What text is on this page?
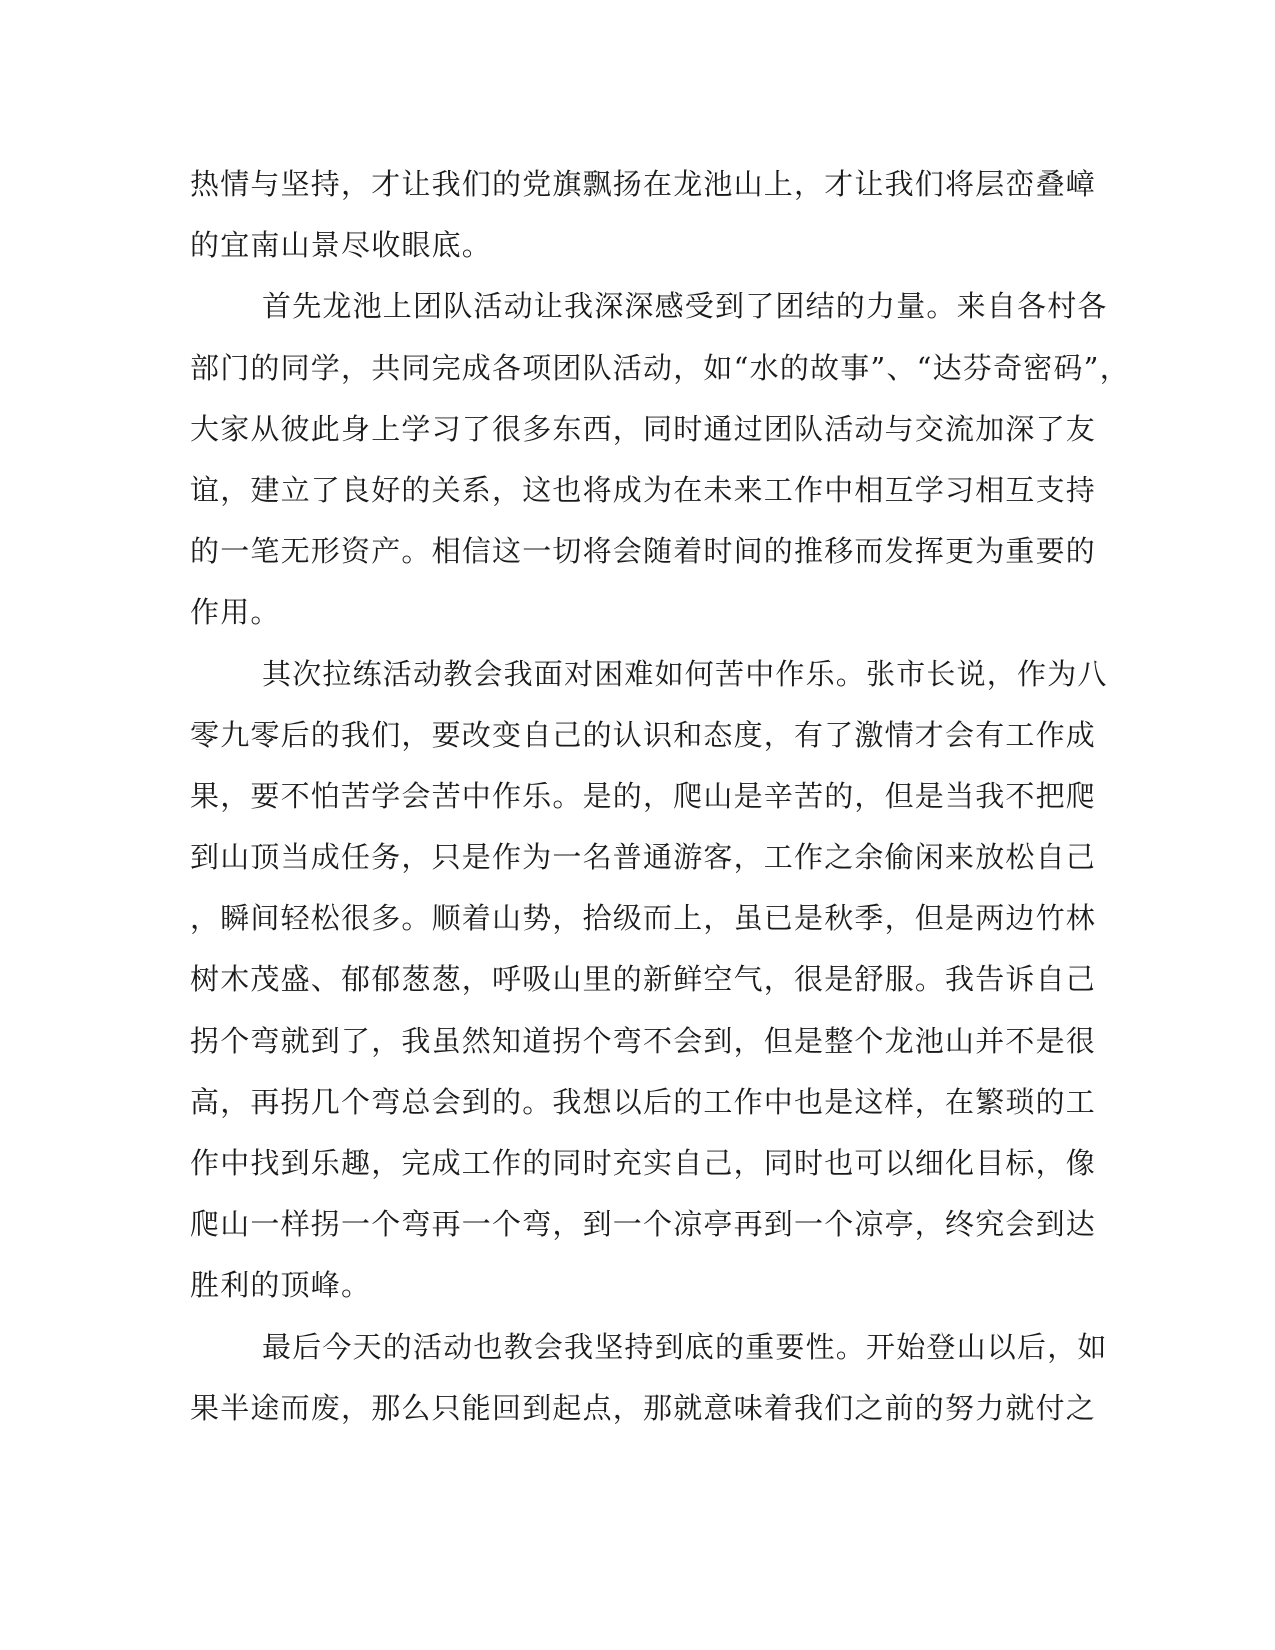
热情与坚持，才让我们的党旗飘扬在龙池山上，才让我们将层峦叠嶂
的宜南山景尽收眼底。
首先龙池上团队活动让我深深感受到了团结的力量。来自各村各
部门的同学，共同完成各项团队活动，如“水的故事”、“达芬奇密码”，
大家从彼此身上学习了很多东西，同时通过团队活动与交流加深了友
谊，建立了良好的关系，这也将成为在未来工作中相互学习相互支持
的一笔无形资产。相信这一切将会随着时间的推移而发挥更为重要的
作用。
其次拉练活动教会我面对困难如何苦中作乐。张市长说，作为八
零九零后的我们，要改变自己的认识和态度，有了激情才会有工作成
果，要不怕苦学会苦中作乐。是的，爬山是辛苦的，但是当我不把爬
到山顶当成任务，只是作为一名普通游客，工作之余偷闲来放松自己
，瞬间轻松很多。顺着山势，拾级而上，虽已是秋季，但是两边竹林
树木茂盛、郁郁葱葱，呼吸山里的新鲜空气，很是舒服。我告诉自己
拐个弯就到了，我虽然知道拐个弯不会到，但是整个龙池山并不是很
高，再拐几个弯总会到的。我想以后的工作中也是这样，在繁琐的工
作中找到乐趣，完成工作的同时充实自己，同时也可以细化目标，像
爬山一样拐一个弯再一个弯，到一个凉亭再到一个凉亭，终究会到达
胜利的顶峰。
最后今天的活动也教会我坚持到底的重要性。开始登山以后，如
果半途而废，那么只能回到起点，那就意味着我们之前的努力就付之
